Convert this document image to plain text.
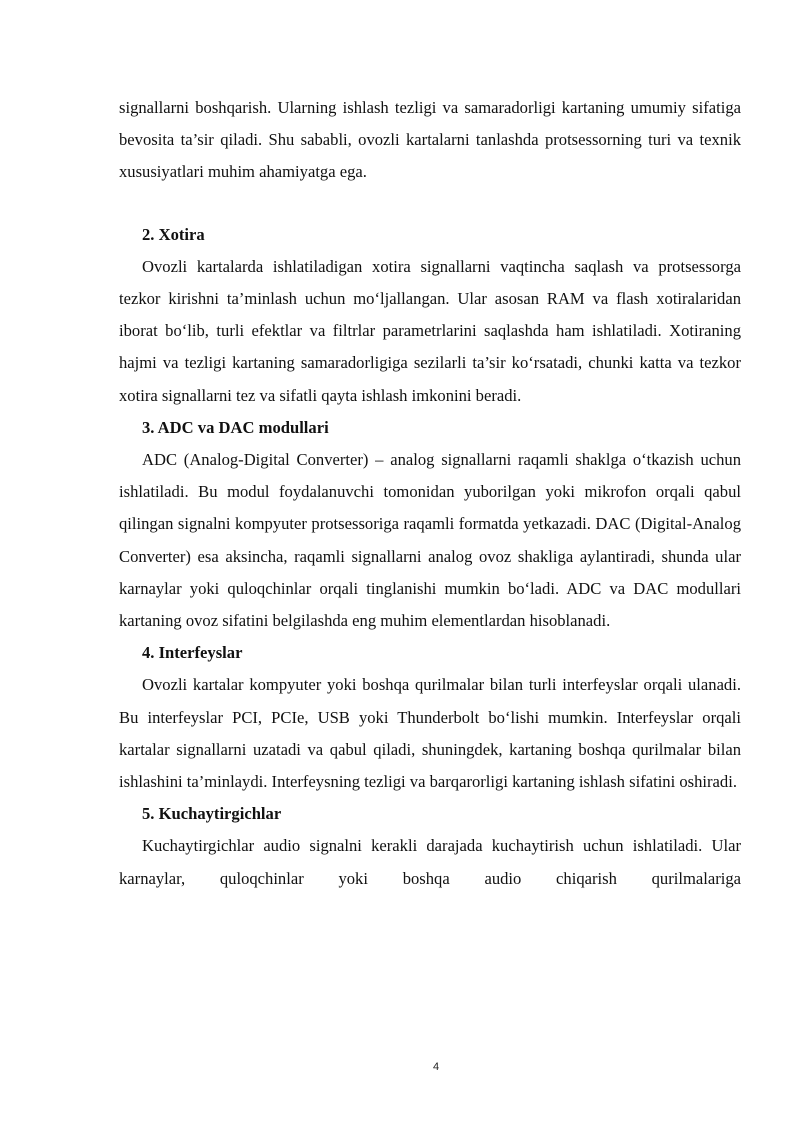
signallarni boshqarish. Ularning ishlash tezligi va samaradorligi kartaning umumiy sifatiga bevosita ta’sir qiladi. Shu sababli, ovozli kartalarni tanlashda protsessorning turi va texnik xususiyatlari muhim ahamiyatga ega.

2. Xotira

Ovozli kartalarda ishlatiladigan xotira signallarni vaqtincha saqlash va protsessorga tezkor kirishni ta’minlash uchun mo‘ljallangan. Ular asosan RAM va flash xotiralaridan iborat bo‘lib, turli efektlar va filtrlar parametrlarini saqlashda ham ishlatiladi. Xotiraning hajmi va tezligi kartaning samaradorligiga sezilarli ta’sir ko‘rsatadi, chunki katta va tezkor xotira signallarni tez va sifatli qayta ishlash imkonini beradi.

3. ADC va DAC modullari

ADC (Analog-Digital Converter) – analog signallarni raqamli shaklga o‘tkazish uchun ishlatiladi. Bu modul foydalanuvchi tomonidan yuborilgan yoki mikrofon orqali qabul qilingan signalni kompyuter protsessoriga raqamli formatda yetkazadi. DAC (Digital-Analog Converter) esa aksincha, raqamli signallarni analog ovoz shakliga aylantiradi, shunda ular karnaylar yoki quloqchinlar orqali tinglanishi mumkin bo‘ladi. ADC va DAC modullari kartaning ovoz sifatini belgilashda eng muhim elementlardan hisoblanadi.

4. Interfeyslar

Ovozli kartalar kompyuter yoki boshqa qurilmalar bilan turli interfeyslar orqali ulanadi. Bu interfeyslar PCI, PCIe, USB yoki Thunderbolt bo‘lishi mumkin. Interfeyslar orqali kartalar signallarni uzatadi va qabul qiladi, shuningdek, kartaning boshqa qurilmalar bilan ishlashini ta’minlaydi. Interfeysning tezligi va barqarorligi kartaning ishlash sifatini oshiradi.

5. Kuchaytirgichlar

Kuchaytirgichlar audio signalni kerakli darajada kuchaytirish uchun ishlatiladi. Ular karnaylar, quloqchinlar yoki boshqa audio chiqarish qurilmalariga

4
